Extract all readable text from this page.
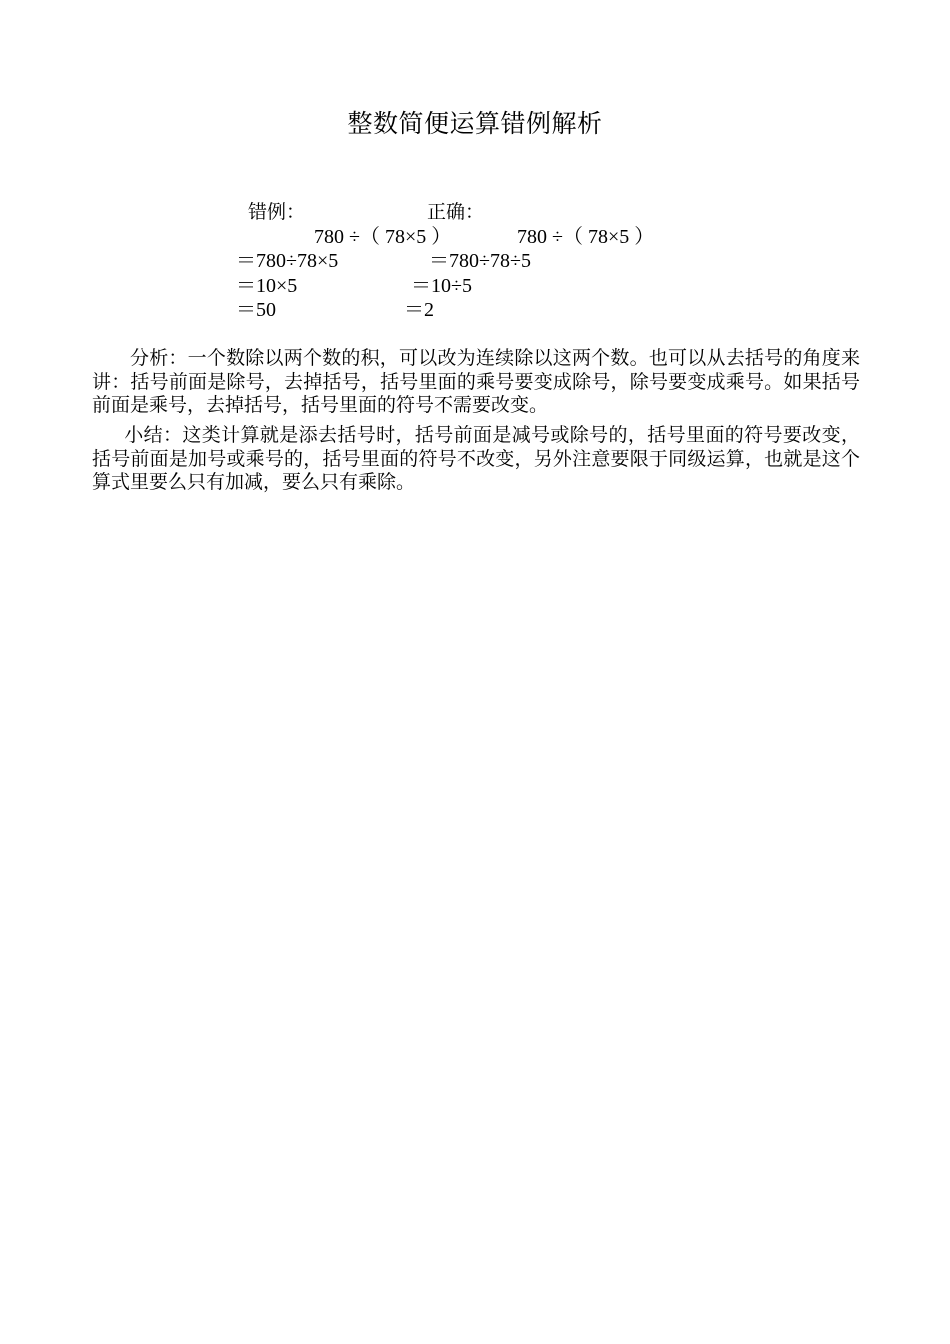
整数简便运算错例解析
错例：
780 ÷（ 78×5 ）
＝780÷78×5
＝10×5
＝50
正确：
780 ÷（ 78×5 ）
＝780÷78÷5
＝10÷5
＝2
分析：一个数除以两个数的积，可以改为连续除以这两个数。也可以从去括号的角度来讲：括号前面是除号，去掉括号，括号里面的乘号要变成除号，除号要变成乘号。如果括号前面是乘号，去掉括号，括号里面的符号不需要改变。
小结：这类计算就是添去括号时，括号前面是减号或除号的，括号里面的符号要改变，括号前面是加号或乘号的，括号里面的符号不改变，另外注意要限于同级运算，也就是这个算式里要么只有加减，要么只有乘除。
